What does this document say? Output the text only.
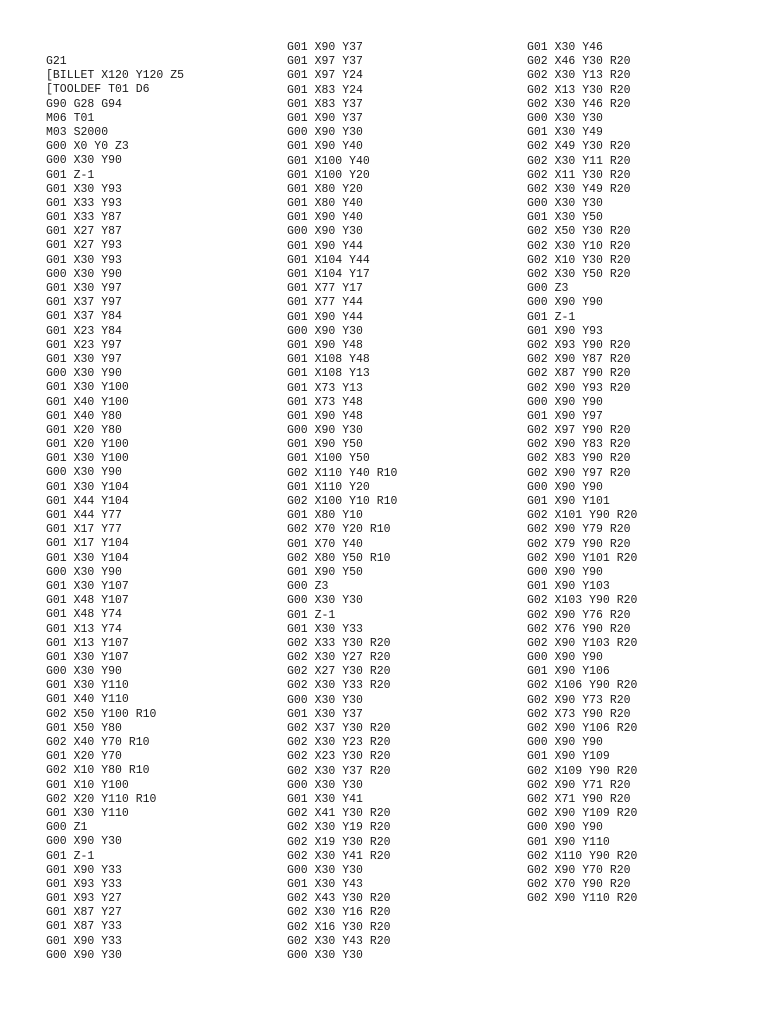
G21
[BILLET X120 Y120 Z5
[TOOLDEF T01 D6
G90 G28 G94
M06 T01
M03 S2000
G00 X0 Y0 Z3
G00 X30 Y90
G01 Z-1
G01 X30 Y93
G01 X33 Y93
G01 X33 Y87
G01 X27 Y87
G01 X27 Y93
G01 X30 Y93
G00 X30 Y90
G01 X30 Y97
G01 X37 Y97
G01 X37 Y84
G01 X23 Y84
G01 X23 Y97
G01 X30 Y97
G00 X30 Y90
G01 X30 Y100
G01 X40 Y100
G01 X40 Y80
G01 X20 Y80
G01 X20 Y100
G01 X30 Y100
G00 X30 Y90
G01 X30 Y104
G01 X44 Y104
G01 X44 Y77
G01 X17 Y77
G01 X17 Y104
G01 X30 Y104
G00 X30 Y90
G01 X30 Y107
G01 X48 Y107
G01 X48 Y74
G01 X13 Y74
G01 X13 Y107
G01 X30 Y107
G00 X30 Y90
G01 X30 Y110
G01 X40 Y110
G02 X50 Y100 R10
G01 X50 Y80
G02 X40 Y70 R10
G01 X20 Y70
G02 X10 Y80 R10
G01 X10 Y100
G02 X20 Y110 R10
G01 X30 Y110
G00 Z1
G00 X90 Y30
G01 Z-1
G01 X90 Y33
G01 X93 Y33
G01 X93 Y27
G01 X87 Y27
G01 X87 Y33
G01 X90 Y33
G00 X90 Y30
G01 X90 Y37
G01 X97 Y37
G01 X97 Y24
G01 X83 Y24
G01 X83 Y37
G01 X90 Y37
G00 X90 Y30
G01 X90 Y40
G01 X100 Y40
G01 X100 Y20
G01 X80 Y20
G01 X80 Y40
G01 X90 Y40
G00 X90 Y30
G01 X90 Y44
G01 X104 Y44
G01 X104 Y17
G01 X77 Y17
G01 X77 Y44
G01 X90 Y44
G00 X90 Y30
G01 X90 Y48
G01 X108 Y48
G01 X108 Y13
G01 X73 Y13
G01 X73 Y48
G01 X90 Y48
G00 X90 Y30
G01 X90 Y50
G01 X100 Y50
G02 X110 Y40 R10
G01 X110 Y20
G02 X100 Y10 R10
G01 X80 Y10
G02 X70 Y20 R10
G01 X70 Y40
G02 X80 Y50 R10
G01 X90 Y50
G00 Z3
G00 X30 Y30
G01 Z-1
G01 X30 Y33
G02 X33 Y30 R20
G02 X30 Y27 R20
G02 X27 Y30 R20
G02 X30 Y33 R20
G00 X30 Y30
G01 X30 Y37
G02 X37 Y30 R20
G02 X30 Y23 R20
G02 X23 Y30 R20
G02 X30 Y37 R20
G00 X30 Y30
G01 X30 Y41
G02 X41 Y30 R20
G02 X30 Y19 R20
G02 X19 Y30 R20
G02 X30 Y41 R20
G00 X30 Y30
G01 X30 Y43
G02 X43 Y30 R20
G02 X30 Y16 R20
G02 X16 Y30 R20
G02 X30 Y43 R20
G00 X30 Y30
G01 X30 Y46
G02 X46 Y30 R20
G02 X30 Y13 R20
G02 X13 Y30 R20
G02 X30 Y46 R20
G00 X30 Y30
G01 X30 Y49
G02 X49 Y30 R20
G02 X30 Y11 R20
G02 X11 Y30 R20
G02 X30 Y49 R20
G00 X30 Y30
G01 X30 Y50
G02 X50 Y30 R20
G02 X30 Y10 R20
G02 X10 Y30 R20
G02 X30 Y50 R20
G00 Z3
G00 X90 Y90
G01 Z-1
G01 X90 Y93
G02 X93 Y90 R20
G02 X90 Y87 R20
G02 X87 Y90 R20
G02 X90 Y93 R20
G00 X90 Y90
G01 X90 Y97
G02 X97 Y90 R20
G02 X90 Y83 R20
G02 X83 Y90 R20
G02 X90 Y97 R20
G00 X90 Y90
G01 X90 Y101
G02 X101 Y90 R20
G02 X90 Y79 R20
G02 X79 Y90 R20
G02 X90 Y101 R20
G00 X90 Y90
G01 X90 Y103
G02 X103 Y90 R20
G02 X90 Y76 R20
G02 X76 Y90 R20
G02 X90 Y103 R20
G00 X90 Y90
G01 X90 Y106
G02 X106 Y90 R20
G02 X90 Y73 R20
G02 X73 Y90 R20
G02 X90 Y106 R20
G00 X90 Y90
G01 X90 Y109
G02 X109 Y90 R20
G02 X90 Y71 R20
G02 X71 Y90 R20
G02 X90 Y109 R20
G00 X90 Y90
G01 X90 Y110
G02 X110 Y90 R20
G02 X90 Y70 R20
G02 X70 Y90 R20
G02 X90 Y110 R20
